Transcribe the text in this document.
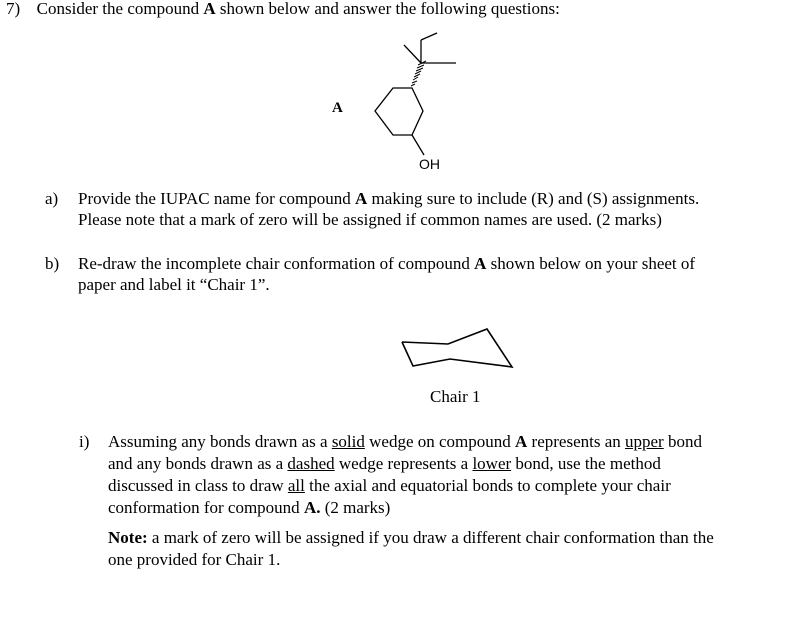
7) Consider the compound A shown below and answer the following questions:
A
OH
a) Provide the IUPAC name for compound A making sure to include (R) and (S) assignments.
Please note that a mark of zero will be assigned if common names are used. (2 marks)
b) Re-draw the incomplete chair conformation of compound A shown below on your sheet of
paper and label it “Chair 1”.
Chair 1
i) Assuming any bonds drawn as a solid wedge on compound A represents an upper bond
and any bonds drawn as a dashed wedge represents a lower bond, use the method
discussed in class to draw all the axial and equatorial bonds to complete your chair
conformation for compound A. (2 marks)
Note: a mark of zero will be assigned if you draw a different chair conformation than the
one provided for Chair 1.
